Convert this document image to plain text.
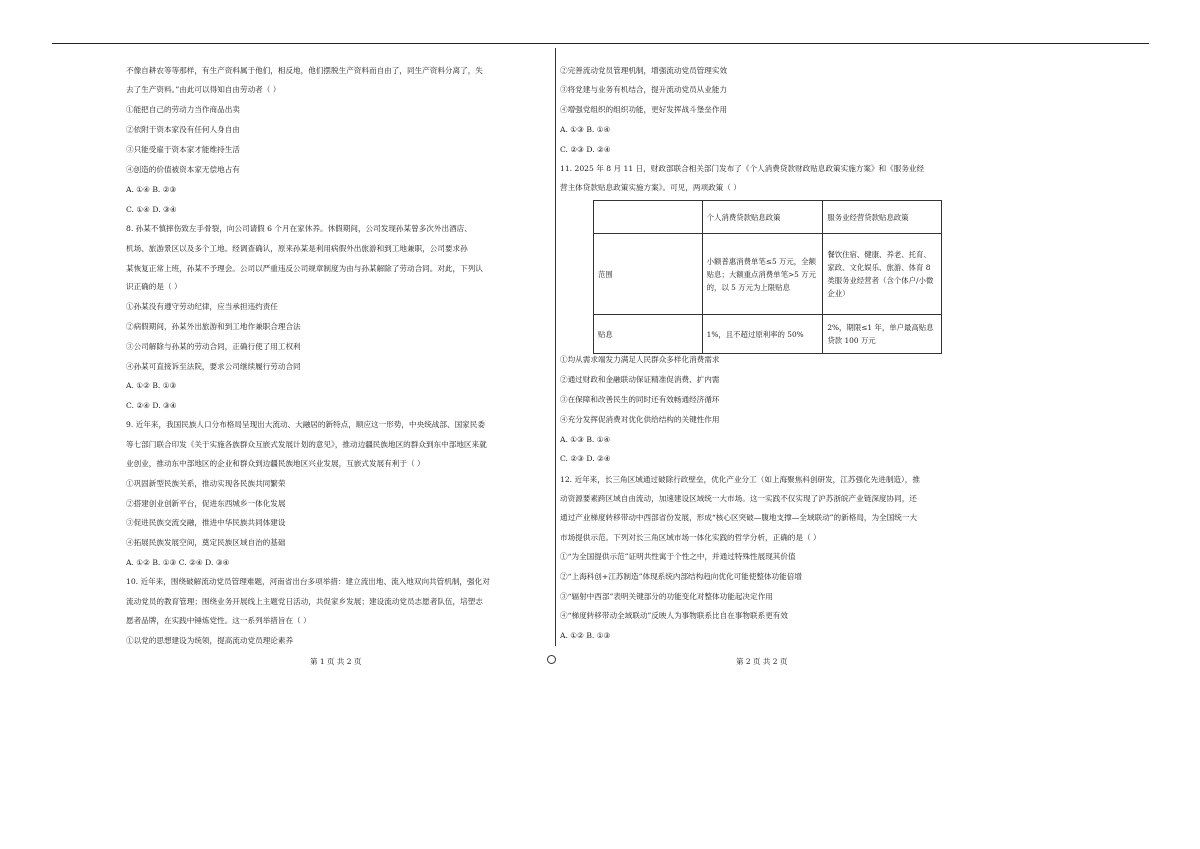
不像自耕农等等那样，有生产资料属于他们，相反地，他们摆脱生产资料而自由了，同生产资料分离了，失
去了生产资料。”由此可以得知自由劳动者（ ）
①能把自己的劳动力当作商品出卖
②依附于资本家没有任何人身自由
③只能受雇于资本家才能维持生活
④创造的价值被资本家无偿地占有
A. ①④ B. ②③
C. ①④ D. ③④
8. 孙某不慎摔伤致左手骨裂，向公司请假 6 个月在家休养。休假期间，公司发现孙某曾多次外出酒店、
机场、旅游景区以及多个工地。经调查确认，原来孙某是利用病假外出旅游和到工地兼职，公司要求孙
某恢复正常上班，孙某不予理会。公司以严重违反公司规章制度为由与孙某解除了劳动合同。对此，下列认
识正确的是（ ）
①孙某没有遵守劳动纪律，应当承担违约责任
②病假期间，孙某外出旅游和到工地作兼职合理合法
③公司解除与孙某的劳动合同，正确行使了用工权利
④孙某可直接诉至法院，要求公司继续履行劳动合同
A. ①② B. ①③
C. ②④ D. ③④
9. 近年来，我国民族人口分布格局呈现出大流动、大融居的新特点，顺应这一形势，中央统战部、国家民委
等七部门联合印发《关于实施各族群众互嵌式发展计划的意见》，推动边疆民族地区的群众到东中部地区来就
业创业，推动东中部地区的企业和群众到边疆民族地区兴业发展，互嵌式发展有利于（ ）
①巩固新型民族关系，推动实现各民族共同繁荣
②搭建创业创新平台，促进东西城乡一体化发展
③促进民族交流交融，推进中华民族共同体建设
④拓展民族发展空间，奠定民族区域自治的基础
A. ①② B. ①③ C. ②④ D. ③④
10. 近年来，围绕破解流动党员管理难题，河南省出台多项举措：建立流出地、流入地双向共管机制，强化对
流动党员的教育管理；围绕业务开展线上主题党日活动，共促家乡发展；建设流动党员志愿者队伍，培塑志
愿者品牌，在实践中锤炼党性。这一系列举措旨在（ ）
①以党的思想建设为统领，提高流动党员理论素养
②完善流动党员管理机制，增强流动党员管理实效
③将党建与业务有机结合，提升流动党员从业能力
④增强党组织的组织功能，更好发挥战斗堡垒作用
A. ①③ B. ①④
C. ②③ D. ②④
11. 2025 年 8 月 11 日，财政部联合相关部门发布了《个人消费贷款财政贴息政策实施方案》和《服务业经
营主体贷款贴息政策实施方案》。可见，两项政策（ ）
	个人消费贷款贴息政策	服务业经营贷款贴息政策
范围	小额普惠消费单笔≤5 万元，全额贴息；大额重点消费单笔>5 万元的，以 5 万元为上限贴息	餐饮住宿、健康、养老、托育、家政、文化娱乐、旅游、体育 8 类服务业经营者（含个体户/小微企业）
贴息	1%，且不超过原利率的 50%	2%，期限≤1 年，单户最高贴息贷款 100 万元
①均从需求端发力满足人民群众多样化消费需求
②通过财政和金融联动保证精准促消费、扩内需
③在保障和改善民生的同时还有效畅通经济循环
④充分发挥促消费对优化供给结构的关键性作用
A. ①③ B. ①④
C. ②③ D. ②④
12. 近年来，长三角区域通过破除行政壁垒，优化产业分工（如上海聚焦科创研发，江苏强化先进制造），推
动资源要素跨区域自由流动，加速建设区域统一大市场。这一实践不仅实现了沪苏浙皖产业链深度协同，还
通过产业梯度转移带动中西部省份发展，形成“核心区突破—腹地支撑—全域联动”的新格局，为全国统一大
市场提供示范。下列对长三角区域市场一体化实践的哲学分析，正确的是（ ）
①“为全国提供示范”证明共性寓于个性之中，并通过特殊性展现其价值
②“上海科创+江苏制造”体现系统内部结构趋向优化可能使整体功能倍增
③“辐射中西部”表明关键部分的功能变化对整体功能起决定作用
④“梯度转移带动全域联动”反映人为事物联系比自在事物联系更有效
A. ①② B. ①③
第 1 页 共 2 页	第 2 页 共 2 页
